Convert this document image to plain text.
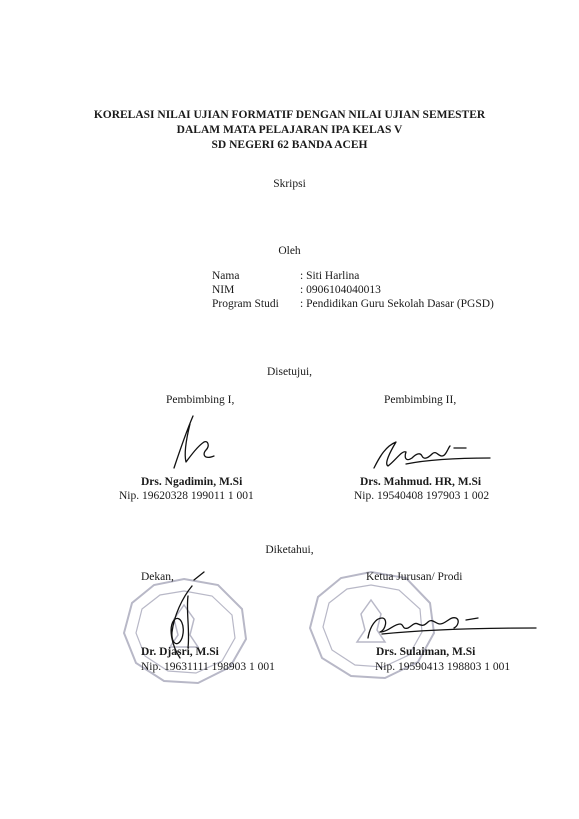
KORELASI NILAI UJIAN FORMATIF DENGAN NILAI UJIAN SEMESTER
DALAM MATA PELAJARAN IPA KELAS V
SD NEGERI 62 BANDA ACEH
Skripsi
Oleh
Nama	: Siti Harlina
NIM	: 0906104040013
Program Studi : Pendidikan Guru Sekolah Dasar (PGSD)
Disetujui,
Pembimbing I,	Pembimbing II,
Drs. Ngadimin, M.Si
Nip. 19620328 199011 1 001
Drs. Mahmud. HR, M.Si
Nip. 19540408 197903 1 002
Diketahui,
Dekan,	Ketua Jurusan/ Prodi
Dr. Djasri, M.Si
Nip. 19631111 198903 1 001
Drs. Sulaiman, M.Si
Nip. 19590413 198803 1 001
